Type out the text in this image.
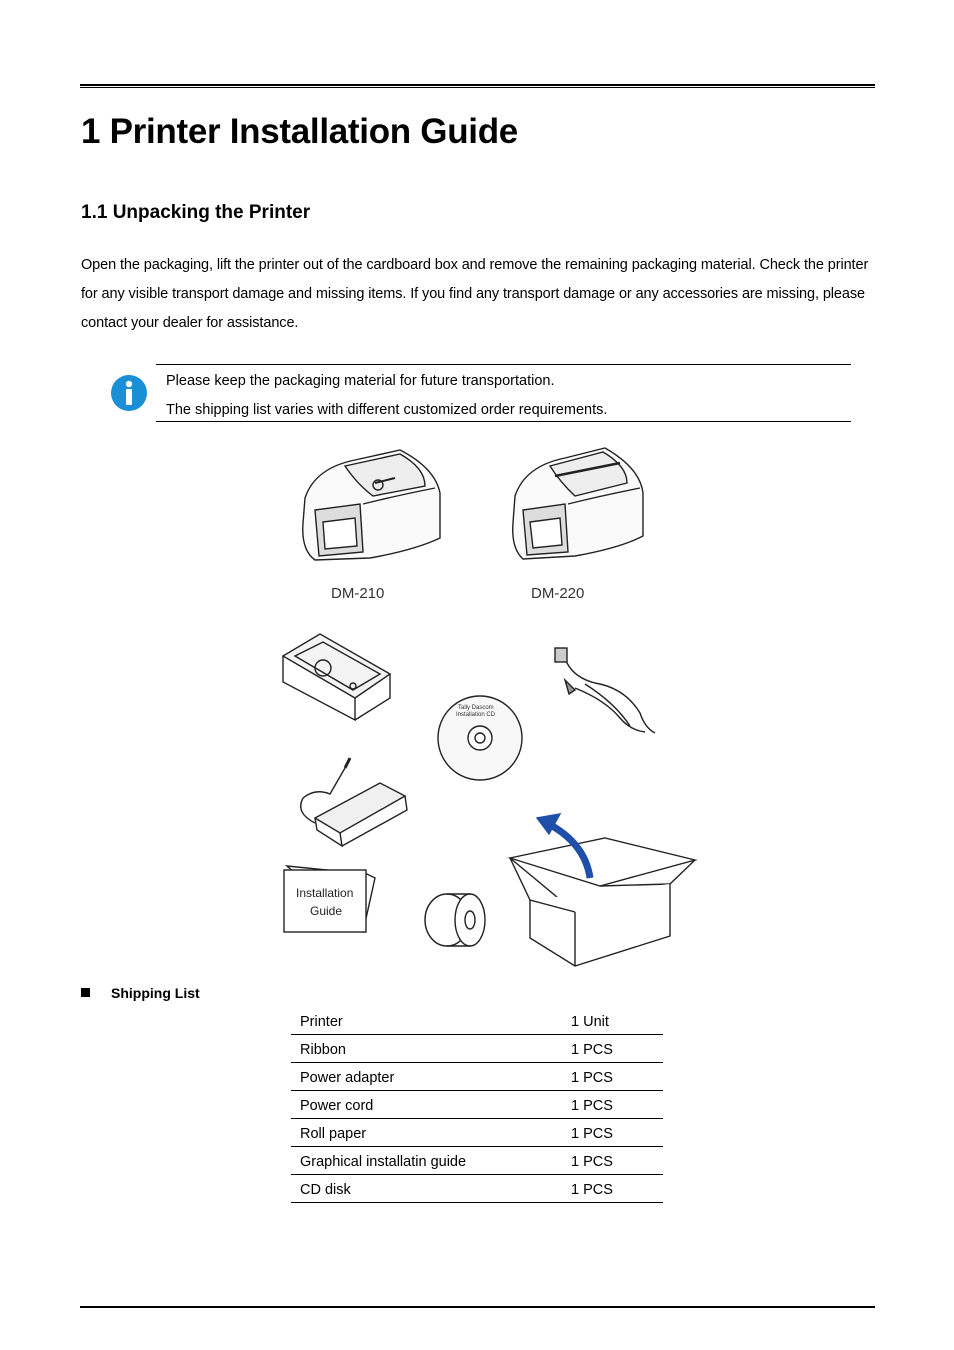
1 Printer Installation Guide
1.1 Unpacking the Printer

Open the packaging, lift the printer out of the cardboard box and remove the remaining packaging material. Check the printer for any visible transport damage and missing items. If you find any transport damage or any accessories are missing, please contact your dealer for assistance.

Please keep the packaging material for future transportation.
The shipping list varies with different customized order requirements.
DM-210	DM-220
Tally Dascom
Installation CD
Installation
Guide
Shipping List
Printer	1 Unit
Ribbon	1 PCS
Power adapter	1 PCS
Power cord	1 PCS
Roll paper	1 PCS
Graphical installatin guide	1 PCS
CD disk	1 PCS
